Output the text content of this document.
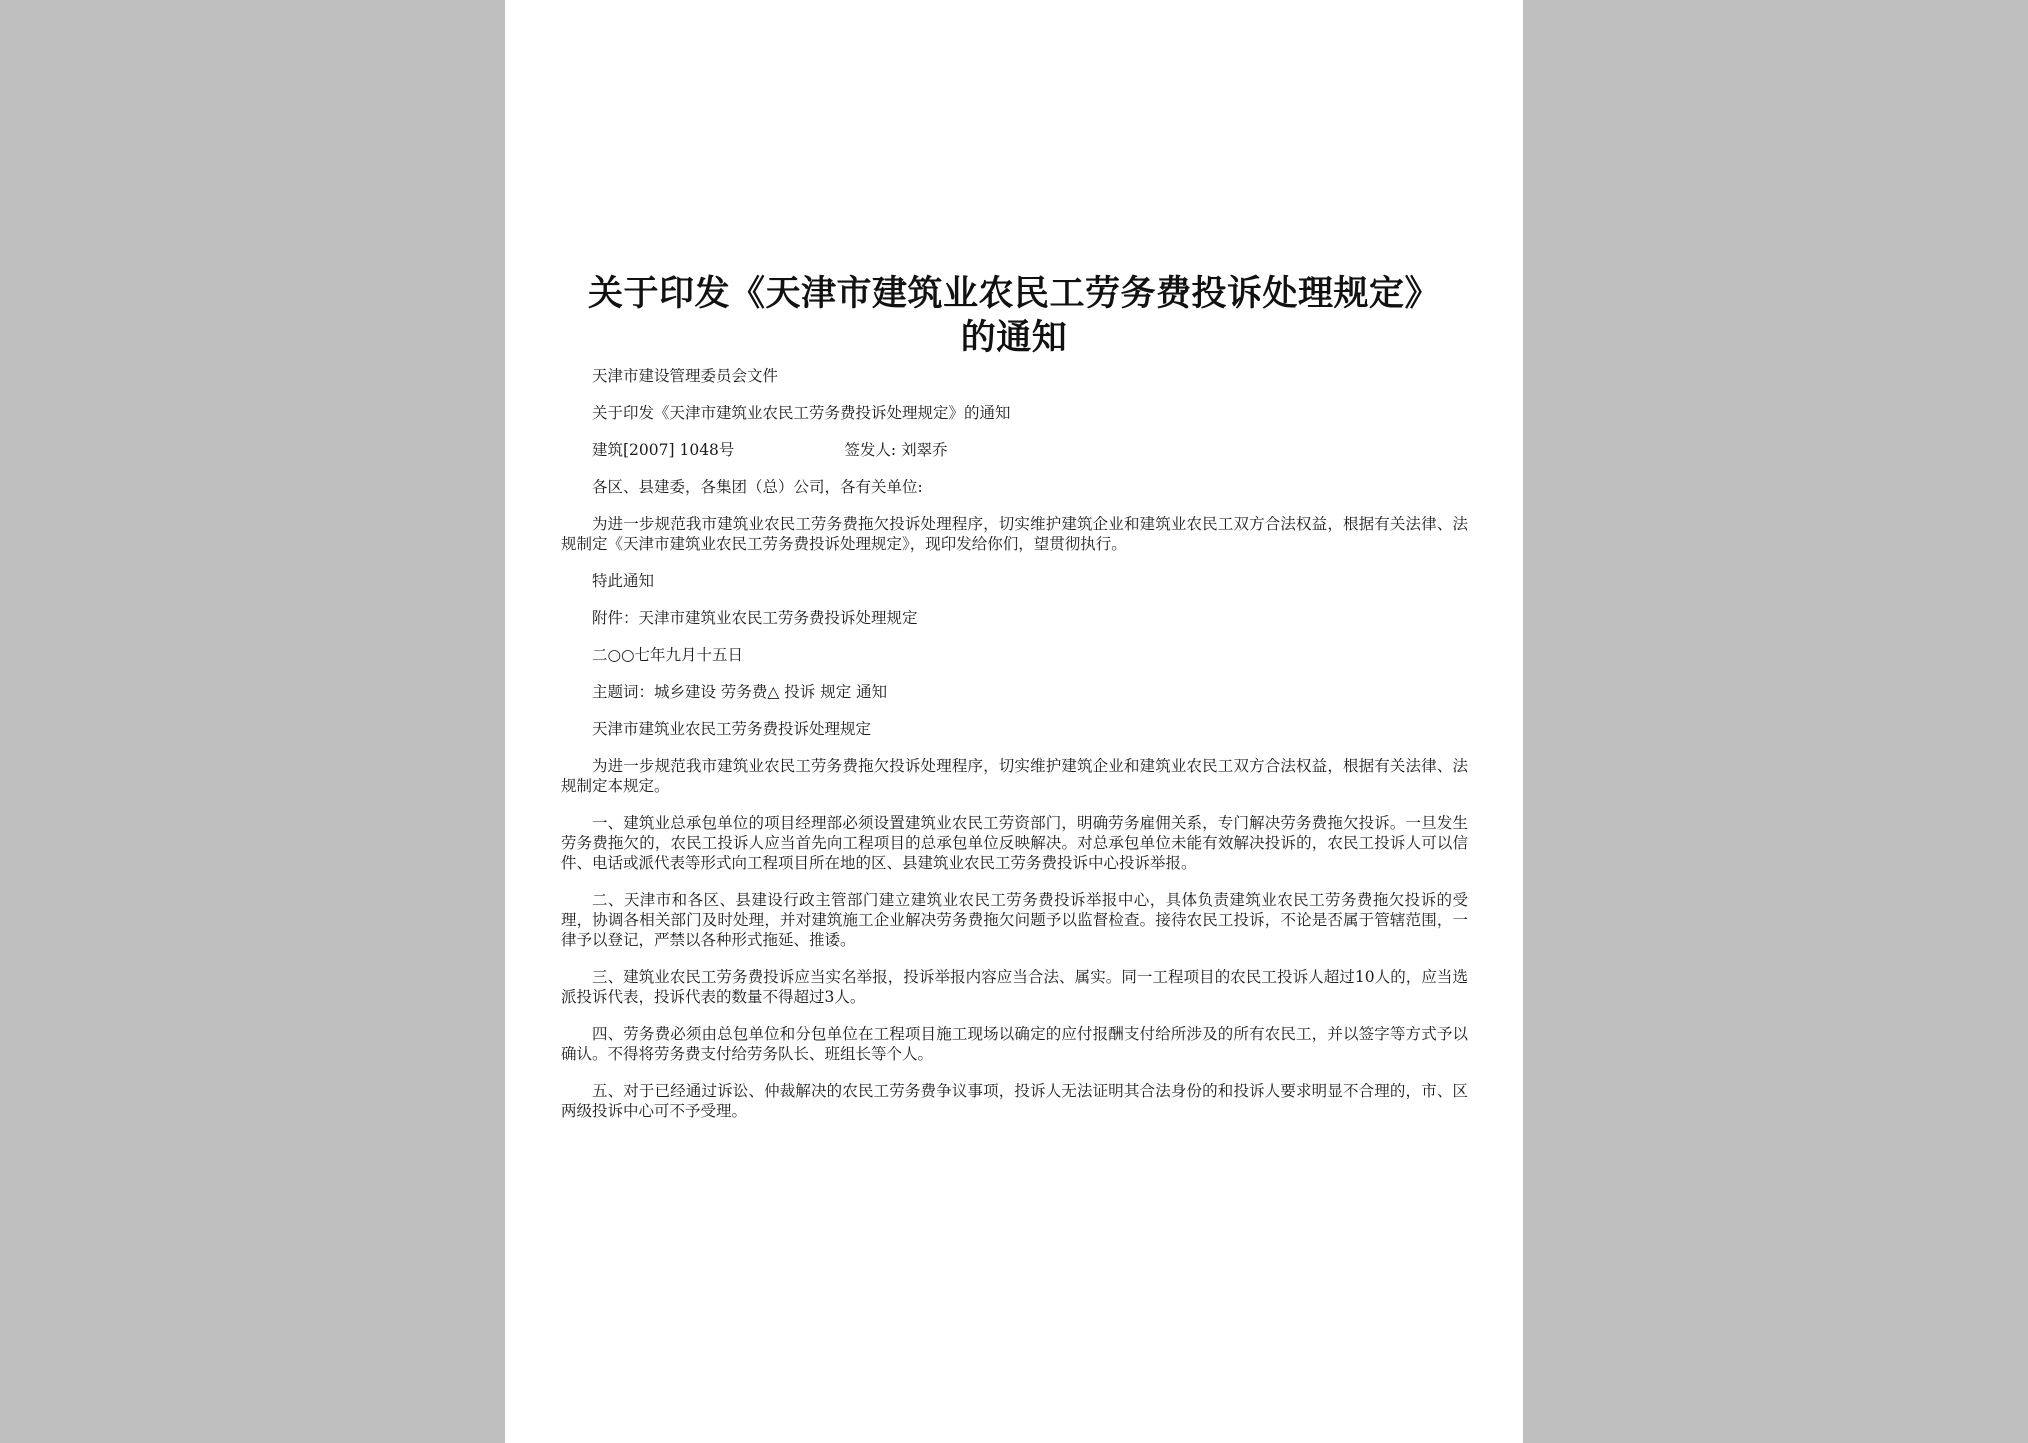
关于印发《天津市建筑业农民工劳务费投诉处理规定》
的通知
天津市建设管理委员会文件
关于印发《天津市建筑业农民工劳务费投诉处理规定》的通知
建筑[2007] 1048号	签发人: 刘翠乔
各区、县建委，各集团（总）公司，各有关单位:
为进一步规范我市建筑业农民工劳务费拖欠投诉处理程序，切实维护建筑企业和建筑业农民工双方合法权益，根据有关法律、法规制定《天津市建筑业农民工劳务费投诉处理规定》，现印发给你们，望贯彻执行。
特此通知
附件：天津市建筑业农民工劳务费投诉处理规定
二○○七年九月十五日
主题词：城乡建设 劳务费△ 投诉 规定 通知
天津市建筑业农民工劳务费投诉处理规定
为进一步规范我市建筑业农民工劳务费拖欠投诉处理程序，切实维护建筑企业和建筑业农民工双方合法权益，根据有关法律、法规制定本规定。
一、建筑业总承包单位的项目经理部必须设置建筑业农民工劳资部门，明确劳务雇佣关系，专门解决劳务费拖欠投诉。一旦发生劳务费拖欠的，农民工投诉人应当首先向工程项目的总承包单位反映解决。对总承包单位未能有效解决投诉的，农民工投诉人可以信件、电话或派代表等形式向工程项目所在地的区、县建筑业农民工劳务费投诉中心投诉举报。
二、天津市和各区、县建设行政主管部门建立建筑业农民工劳务费投诉举报中心，具体负责建筑业农民工劳务费拖欠投诉的受理，协调各相关部门及时处理，并对建筑施工企业解决劳务费拖欠问题予以监督检查。接待农民工投诉，不论是否属于管辖范围，一律予以登记，严禁以各种形式拖延、推诿。
三、建筑业农民工劳务费投诉应当实名举报，投诉举报内容应当合法、属实。同一工程项目的农民工投诉人超过10人的，应当选派投诉代表，投诉代表的数量不得超过3人。
四、劳务费必须由总包单位和分包单位在工程项目施工现场以确定的应付报酬支付给所涉及的所有农民工，并以签字等方式予以确认。不得将劳务费支付给劳务队长、班组长等个人。
五、对于已经通过诉讼、仲裁解决的农民工劳务费争议事项，投诉人无法证明其合法身份的和投诉人要求明显不合理的，市、区两级投诉中心可不予受理。
